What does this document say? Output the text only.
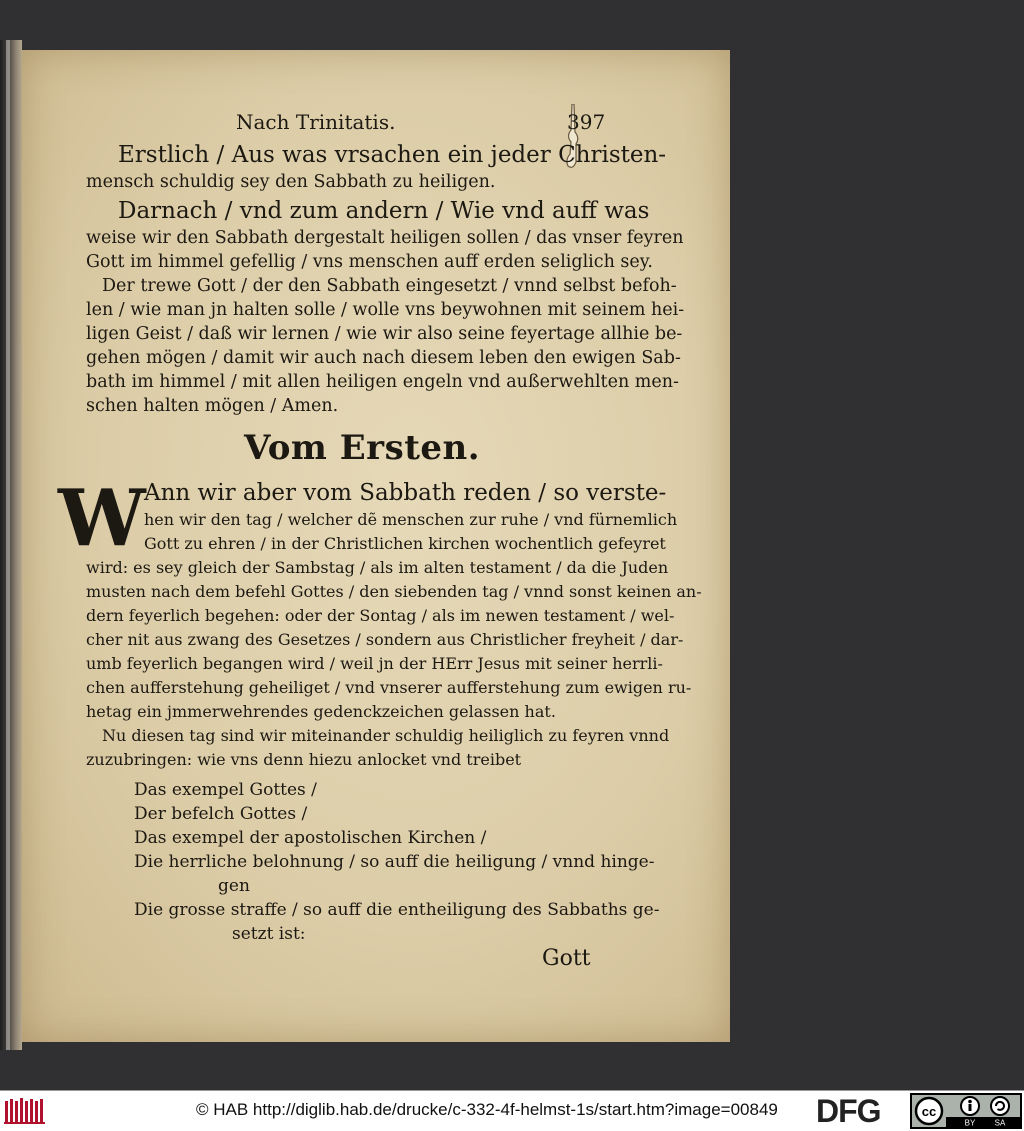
Nach Trinitatis.	397
Erstlich / Aus was vrsachen ein jeder Christen-
mensch schuldig sey den Sabbath zu heiligen.
Darnach / vnd zum andern / Wie vnd auff was
weise wir den Sabbath dergestalt heiligen sollen / das vnser feyren
Gott im himmel gefellig / vns menschen auff erden seliglich sey.
Der trewe Gott / der den Sabbath eingesetzt / vnnd selbst befoh-
len / wie man jn halten solle / wolle vns beywohnen mit seinem hei-
ligen Geist / daß wir lernen / wie wir also seine feyertage allhie be-
gehen mögen / damit wir auch nach diesem leben den ewigen Sab-
bath im himmel / mit allen heiligen engeln vnd außerwehlten men-
schen halten mögen / Amen.
Vom Ersten.
W
Ann wir aber vom Sabbath reden / so verste-
hen wir den tag / welcher dẽ menschen zur ruhe / vnd fürnemlich
Gott zu ehren / in der Christlichen kirchen wochentlich gefeyret
wird: es sey gleich der Sambstag / als im alten testament / da die Juden
musten nach dem befehl Gottes / den siebenden tag / vnnd sonst keinen an-
dern feyerlich begehen: oder der Sontag / als im newen testament / wel-
cher nit aus zwang des Gesetzes / sondern aus Christlicher freyheit / dar-
umb feyerlich begangen wird / weil jn der HErr Jesus mit seiner herrli-
chen aufferstehung geheiliget / vnd vnserer aufferstehung zum ewigen ru-
hetag ein jmmerwehrendes gedenckzeichen gelassen hat.
Nu diesen tag sind wir miteinander schuldig heiliglich zu feyren vnnd
zuzubringen: wie vns denn hiezu anlocket vnd treibet
Das exempel Gottes /
Der befelch Gottes /
Das exempel der apostolischen Kirchen /
Die herrliche belohnung / so auff die heiligung / vnnd hinge-
gen
Die grosse straffe / so auff die entheiligung des Sabbaths ge-
setzt ist:
Gott
© HAB http://diglib.hab.de/drucke/c-332-4f-helmst-1s/start.htm?image=00849 DFG	cc
BY SA
